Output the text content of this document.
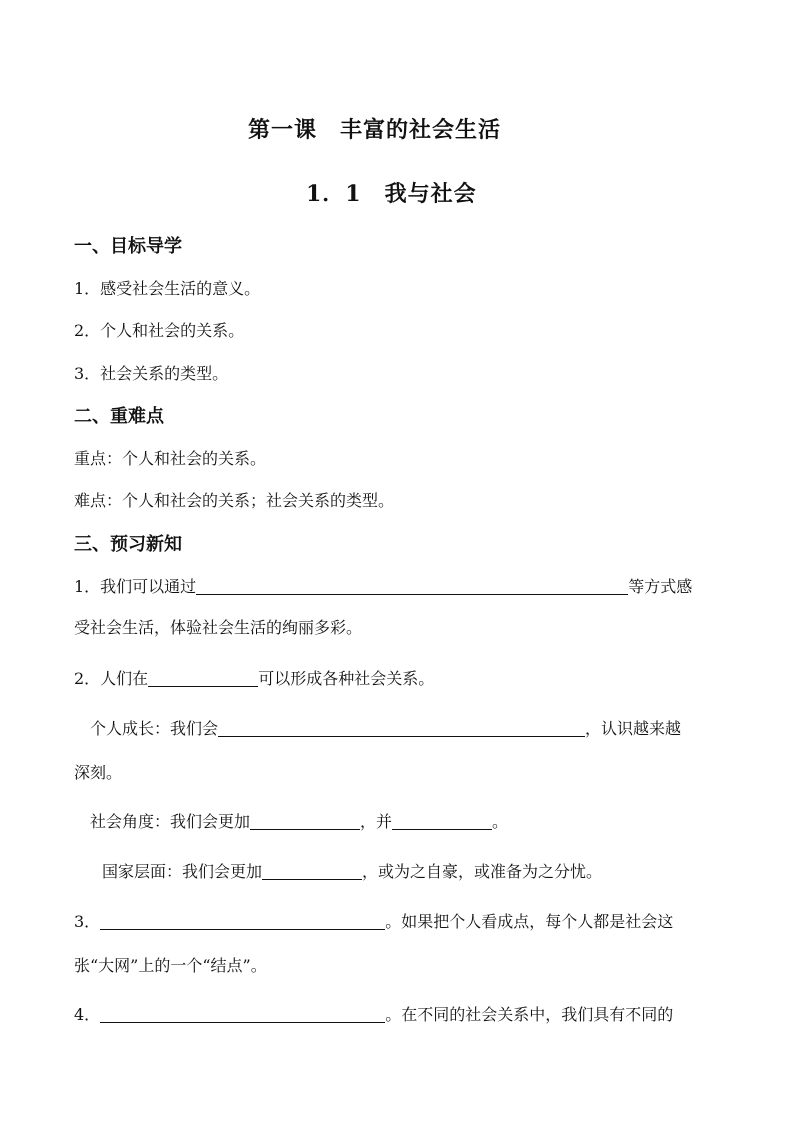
第一课　丰富的社会生活
1．1　我与社会
一、目标导学
1．感受社会生活的意义。
2．个人和社会的关系。
3．社会关系的类型。
二、重难点
重点：个人和社会的关系。
难点：个人和社会的关系；社会关系的类型。
三、预习新知
1．我们可以通过	等方式感
受社会生活，体验社会生活的绚丽多彩。
2．人们在	可以形成各种社会关系。
个人成长：我们会	，认识越来越
深刻。
社会角度：我们会更加	，并	。
国家层面：我们会更加	，或为之自豪，或准备为之分忧。
3．	。如果把个人看成点，每个人都是社会这
张“大网”上的一个“结点”。
4．	。在不同的社会关系中，我们具有不同的
